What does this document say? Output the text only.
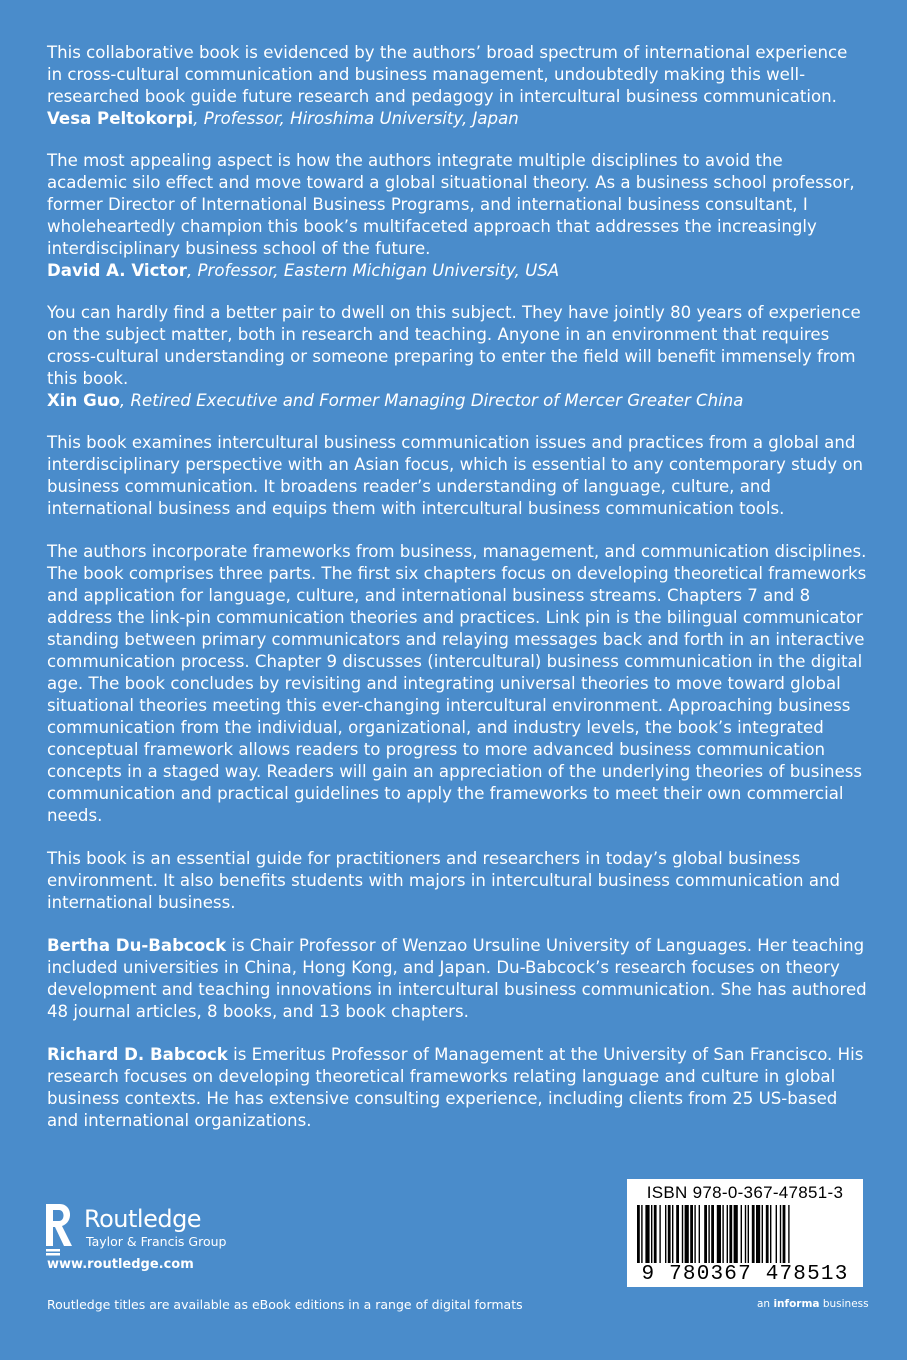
This collaborative book is evidenced by the authors’ broad spectrum of international experience in cross-cultural communication and business management, undoubtedly making this well-researched book guide future research and pedagogy in intercultural business communication.

Vesa Peltokorpi, Professor, Hiroshima University, Japan

The most appealing aspect is how the authors integrate multiple disciplines to avoid the academic silo effect and move toward a global situational theory. As a business school professor, former Director of International Business Programs, and international business consultant, I wholeheartedly champion this book’s multifaceted approach that addresses the increasingly interdisciplinary business school of the future.

David A. Victor, Professor, Eastern Michigan University, USA

You can hardly find a better pair to dwell on this subject. They have jointly 80 years of experience on the subject matter, both in research and teaching. Anyone in an environment that requires cross-cultural understanding or someone preparing to enter the field will benefit immensely from this book.

Xin Guo, Retired Executive and Former Managing Director of Mercer Greater China

This book examines intercultural business communication issues and practices from a global and interdisciplinary perspective with an Asian focus, which is essential to any contemporary study on business communication. It broadens reader’s understanding of language, culture, and international business and equips them with intercultural business communication tools.

The authors incorporate frameworks from business, management, and communication disciplines. The book comprises three parts. The first six chapters focus on developing theoretical frameworks and application for language, culture, and international business streams. Chapters 7 and 8 address the link-pin communication theories and practices. Link pin is the bilingual communicator standing between primary communicators and relaying messages back and forth in an interactive communication process. Chapter 9 discusses (intercultural) business communication in the digital age. The book concludes by revisiting and integrating universal theories to move toward global situational theories meeting this ever-changing intercultural environment. Approaching business communication from the individual, organizational, and industry levels, the book’s integrated conceptual framework allows readers to progress to more advanced business communication concepts in a staged way. Readers will gain an appreciation of the underlying theories of business communication and practical guidelines to apply the frameworks to meet their own commercial needs.

This book is an essential guide for practitioners and researchers in today’s global business environment. It also benefits students with majors in intercultural business communication and international business.

Bertha Du-Babcock is Chair Professor of Wenzao Ursuline University of Languages. Her teaching included universities in China, Hong Kong, and Japan. Du-Babcock’s research focuses on theory development and teaching innovations in intercultural business communication. She has authored 48 journal articles, 8 books, and 13 book chapters.

Richard D. Babcock is Emeritus Professor of Management at the University of San Francisco. His research focuses on developing theoretical frameworks relating language and culture in global business contexts. He has extensive consulting experience, including clients from 25 US-based and international organizations.

Routledge
Taylor & Francis Group
www.routledge.com
Routledge titles are available as eBook editions in a range of digital formats	an informa business
ISBN 978-0-367-47851-3
9 780367 478513
